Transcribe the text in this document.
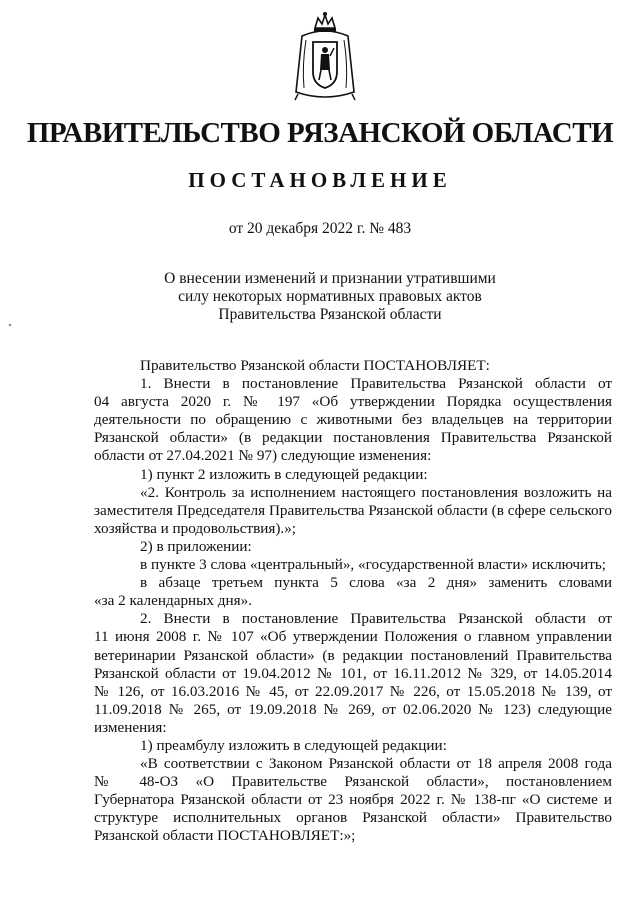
ПРАВИТЕЛЬСТВО РЯЗАНСКОЙ ОБЛАСТИ
ПОСТАНОВЛЕНИЕ
от 20 декабря 2022 г. № 483
О внесении изменений и признании утратившими
силу некоторых нормативных правовых актов
Правительства Рязанской области
Правительство Рязанской области ПОСТАНОВЛЯЕТ:
1. Внести в постановление Правительства Рязанской области от
04 августа 2020 г. № 197 «Об утверждении Порядка осуществления
деятельности по обращению с животными без владельцев на территории
Рязанской области» (в редакции постановления Правительства Рязанской
области от 27.04.2021 № 97) следующие изменения:
1) пункт 2 изложить в следующей редакции:
«2. Контроль за исполнением настоящего постановления возложить на
заместителя Председателя Правительства Рязанской области (в сфере сельского
хозяйства и продовольствия).»;
2) в приложении:
в пункте 3 слова «центральный», «государственной власти» исключить;
в абзаце третьем пункта 5 слова «за 2 дня» заменить словами
«за 2 календарных дня».
2. Внести в постановление Правительства Рязанской области от
11 июня 2008 г. № 107 «Об утверждении Положения о главном управлении
ветеринарии Рязанской области» (в редакции постановлений Правительства
Рязанской области от 19.04.2012 № 101, от 16.11.2012 № 329, от 14.05.2014
№ 126, от 16.03.2016 № 45, от 22.09.2017 № 226, от 15.05.2018 № 139, от
11.09.2018 № 265, от 19.09.2018 № 269, от 02.06.2020 № 123) следующие
изменения:
1) преамбулу изложить в следующей редакции:
«В соответствии с Законом Рязанской области от 18 апреля 2008 года
№ 48-ОЗ «О Правительстве Рязанской области», постановлением
Губернатора Рязанской области от 23 ноября 2022 г. № 138-пг «О системе и
структуре исполнительных органов Рязанской области» Правительство
Рязанской области ПОСТАНОВЛЯЕТ:»;
